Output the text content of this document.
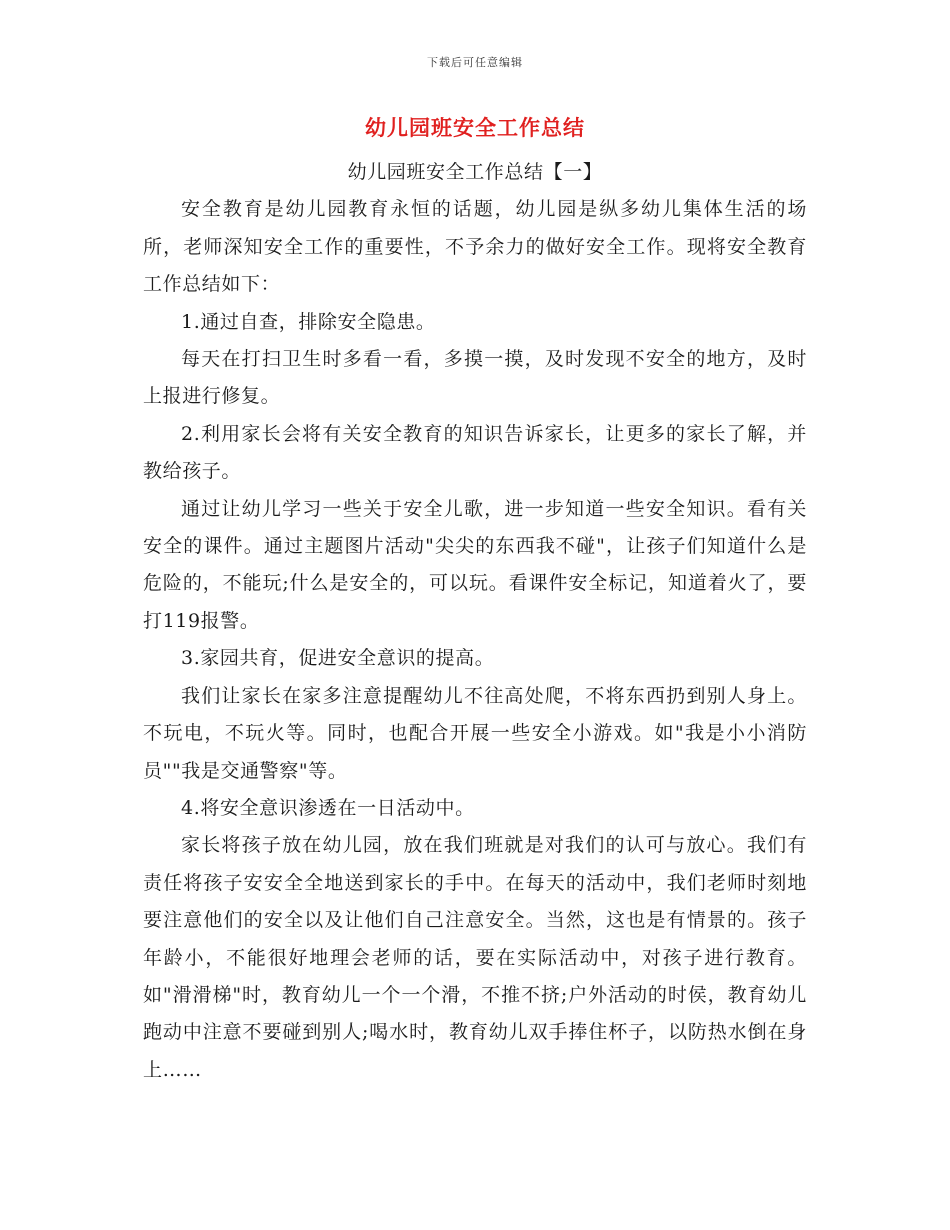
下载后可任意编辑
幼儿园班安全工作总结

幼儿园班安全工作总结【一】

安全教育是幼儿园教育永恒的话题，幼儿园是纵多幼儿集体生活的场所，老师深知安全工作的重要性，不予余力的做好安全工作。现将安全教育工作总结如下：

1.通过自查，排除安全隐患。

每天在打扫卫生时多看一看，多摸一摸，及时发现不安全的地方，及时上报进行修复。

2.利用家长会将有关安全教育的知识告诉家长，让更多的家长了解，并教给孩子。

通过让幼儿学习一些关于安全儿歌，进一步知道一些安全知识。看有关安全的课件。通过主题图片活动"尖尖的东西我不碰"，让孩子们知道什么是危险的，不能玩;什么是安全的，可以玩。看课件安全标记，知道着火了，要打119报警。

3.家园共育，促进安全意识的提高。

我们让家长在家多注意提醒幼儿不往高处爬，不将东西扔到别人身上。不玩电，不玩火等。同时，也配合开展一些安全小游戏。如"我是小小消防员""我是交通警察"等。

4.将安全意识渗透在一日活动中。

家长将孩子放在幼儿园，放在我们班就是对我们的认可与放心。我们有责任将孩子安安全全地送到家长的手中。在每天的活动中，我们老师时刻地要注意他们的安全以及让他们自己注意安全。当然，这也是有情景的。孩子年龄小，不能很好地理会老师的话，要在实际活动中，对孩子进行教育。如"滑滑梯"时，教育幼儿一个一个滑，不推不挤;户外活动的时侯，教育幼儿跑动中注意不要碰到别人;喝水时，教育幼儿双手捧住杯子，以防热水倒在身上……
